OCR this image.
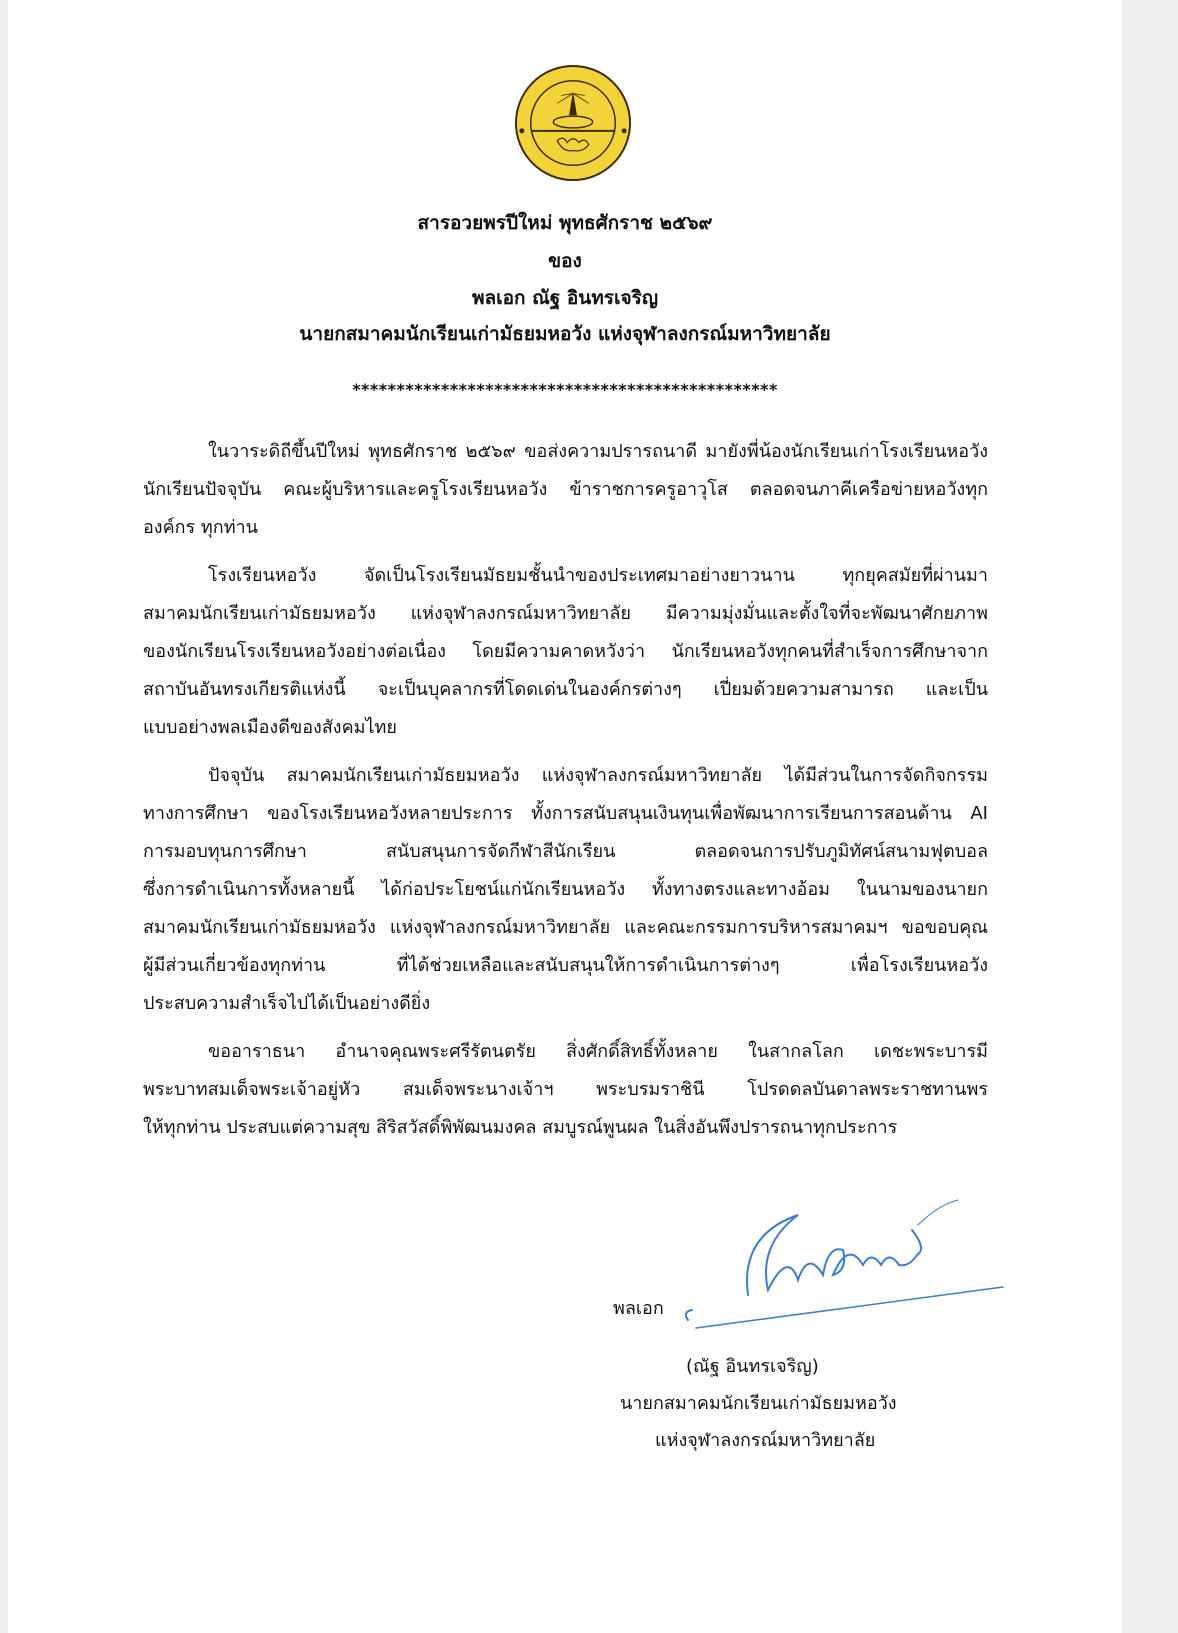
สารอวยพรปีใหม่ พุทธศักราช ๒๕๖๙
ของ
พลเอก ณัฐ อินทรเจริญ
นายกสมาคมนักเรียนเก่ามัธยมหอวัง แห่งจุฬาลงกรณ์มหาวิทยาลัย
************************************************
ในวาระดิถีขึ้นปีใหม่ พุทธศักราช ๒๕๖๙ ขอส่งความปรารถนาดี มายังพี่น้องนักเรียนเก่าโรงเรียนหอวัง
นักเรียนปัจจุบัน คณะผู้บริหารและครูโรงเรียนหอวัง ข้าราชการครูอาวุโส ตลอดจนภาคีเครือข่ายหอวังทุก
องค์กร ทุกท่าน
โรงเรียนหอวัง จัดเป็นโรงเรียนมัธยมชั้นนำของประเทศมาอย่างยาวนาน ทุกยุคสมัยที่ผ่านมา
สมาคมนักเรียนเก่ามัธยมหอวัง แห่งจุฬาลงกรณ์มหาวิทยาลัย มีความมุ่งมั่นและตั้งใจที่จะพัฒนาศักยภาพ
ของนักเรียนโรงเรียนหอวังอย่างต่อเนื่อง โดยมีความคาดหวังว่า นักเรียนหอวังทุกคนที่สำเร็จการศึกษาจาก
สถาบันอันทรงเกียรติแห่งนี้ จะเป็นบุคลากรที่โดดเด่นในองค์กรต่างๆ เปี่ยมด้วยความสามารถ และเป็น
แบบอย่างพลเมืองดีของสังคมไทย
ปัจจุบัน สมาคมนักเรียนเก่ามัธยมหอวัง แห่งจุฬาลงกรณ์มหาวิทยาลัย ได้มีส่วนในการจัดกิจกรรม
ทางการศึกษา ของโรงเรียนหอวังหลายประการ ทั้งการสนับสนุนเงินทุนเพื่อพัฒนาการเรียนการสอนด้าน AI
การมอบทุนการศึกษา สนับสนุนการจัดกีฬาสีนักเรียน ตลอดจนการปรับภูมิทัศน์สนามฟุตบอล
ซึ่งการดำเนินการทั้งหลายนี้ ได้ก่อประโยชน์แก่นักเรียนหอวัง ทั้งทางตรงและทางอ้อม ในนามของนายก
สมาคมนักเรียนเก่ามัธยมหอวัง แห่งจุฬาลงกรณ์มหาวิทยาลัย และคณะกรรมการบริหารสมาคมฯ ขอขอบคุณ
ผู้มีส่วนเกี่ยวข้องทุกท่าน ที่ได้ช่วยเหลือและสนับสนุนให้การดำเนินการต่างๆ เพื่อโรงเรียนหอวัง
ประสบความสำเร็จไปได้เป็นอย่างดียิ่ง
ขออาราธนา อำนาจคุณพระศรีรัตนตรัย สิ่งศักดิ์สิทธิ์ทั้งหลาย ในสากลโลก เดชะพระบารมี
พระบาทสมเด็จพระเจ้าอยู่หัว สมเด็จพระนางเจ้าฯ พระบรมราชินี โปรดดลบันดาลพระราชทานพร
ให้ทุกท่าน ประสบแต่ความสุข สิริสวัสดิ์พิพัฒนมงคล สมบูรณ์พูนผล ในสิ่งอันพึงปรารถนาทุกประการ
พลเอก
(ณัฐ อินทรเจริญ)
นายกสมาคมนักเรียนเก่ามัธยมหอวัง
แห่งจุฬาลงกรณ์มหาวิทยาลัย
